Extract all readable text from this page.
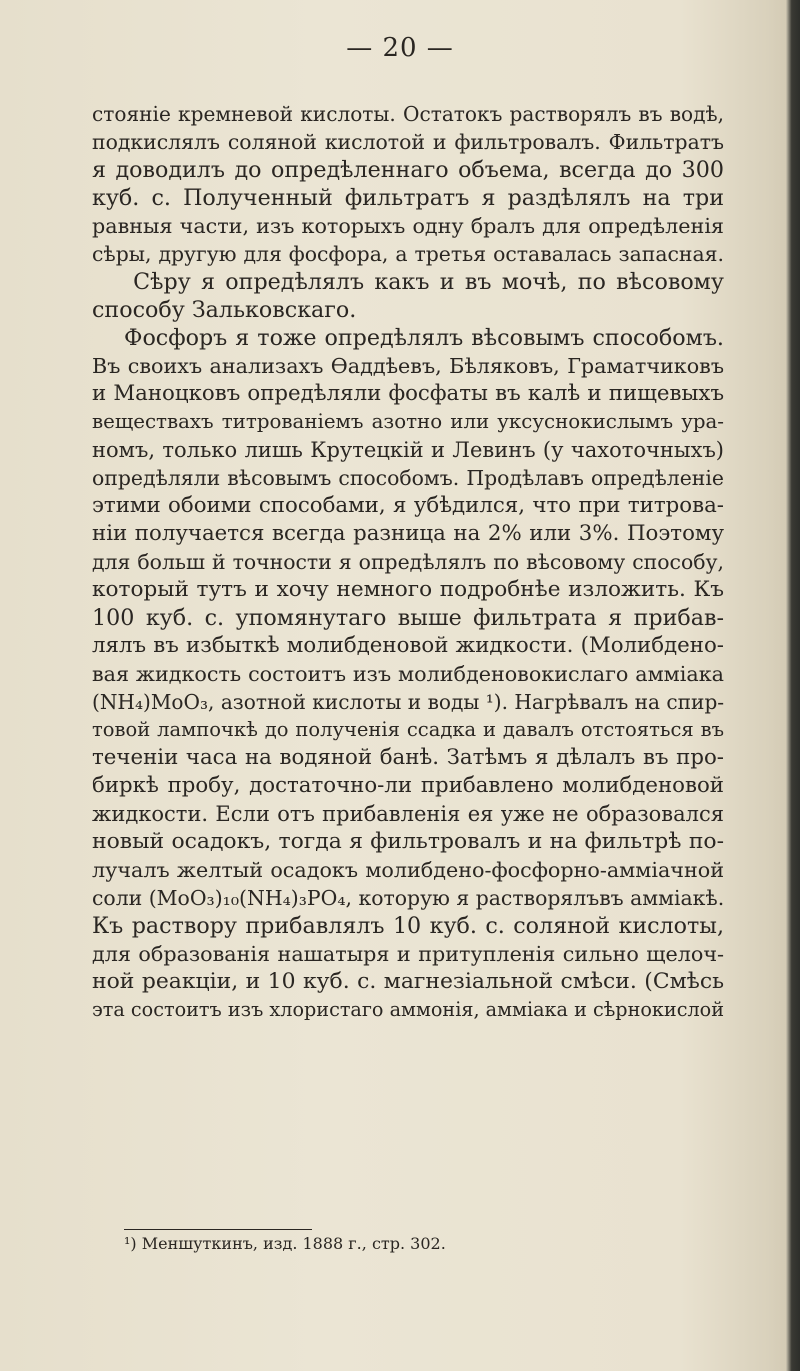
— 20 —
стояніе кремневой кислоты. Остатокъ растворялъ въ водѣ,
подкислялъ соляной кислотой и фильтровалъ. Фильтратъ
я доводилъ до опредѣленнаго объема, всегда до 300
куб. с. Полученный фильтратъ я раздѣлялъ на три
равныя части, изъ которыхъ одну бралъ для опредѣленія
сѣры, другую для фосфора, а третья оставалась запасная.
Сѣру я опредѣлялъ какъ и въ мочѣ, по вѣсовому
способу Зальковскаго.
Фосфоръ я тоже опредѣлялъ вѣсовымъ способомъ.
Въ своихъ анализахъ Өаддѣевъ, Бѣляковъ, Граматчиковъ
и Маноцковъ опредѣляли фосфаты въ калѣ и пищевыхъ
веществахъ титрованіемъ азотно или уксуснокислымъ ура-
номъ, только лишь Крутецкій и Левинъ (у чахоточныхъ)
опредѣляли вѣсовымъ способомъ. Продѣлавъ опредѣленіе
этими обоими способами, я убѣдился, что при титрова-
ніи получается всегда разница на 2% или 3%. Поэтому
для больш й точности я опредѣлялъ по вѣсовому способу,
который тутъ и хочу немного подробнѣе изложить. Къ
100 куб. с. упомянутаго выше фильтрата я прибав-
лялъ въ избыткѣ молибденовой жидкости. (Молибдено-
вая жидкость состоитъ изъ молибденовокислаго амміака
(NH₄)MoO₃, азотной кислоты и воды ¹). Нагрѣвалъ на спир-
товой лампочкѣ до полученія ссадка и давалъ отстояться въ
теченіи часа на водяной банѣ. Затѣмъ я дѣлалъ въ про-
биркѣ пробу, достаточно-ли прибавлено молибденовой
жидкости. Если отъ прибавленія ея уже не образовался
новый осадокъ, тогда я фильтровалъ и на фильтрѣ по-
лучалъ желтый осадокъ молибдено-фосфорно-амміачной
соли (MoO₃)₁₀(NH₄)₃PO₄, которую я растворялъвъ амміакѣ.
Къ раствору прибавлялъ 10 куб. с. соляной кислоты,
для образованія нашатыря и притупленія сильно щелоч-
ной реакціи, и 10 куб. с. магнезіальной смѣси. (Смѣсь
эта состоитъ изъ хлористаго аммонія, амміака и сѣрнокислой
¹) Меншуткинъ, изд. 1888 г., стр. 302.
